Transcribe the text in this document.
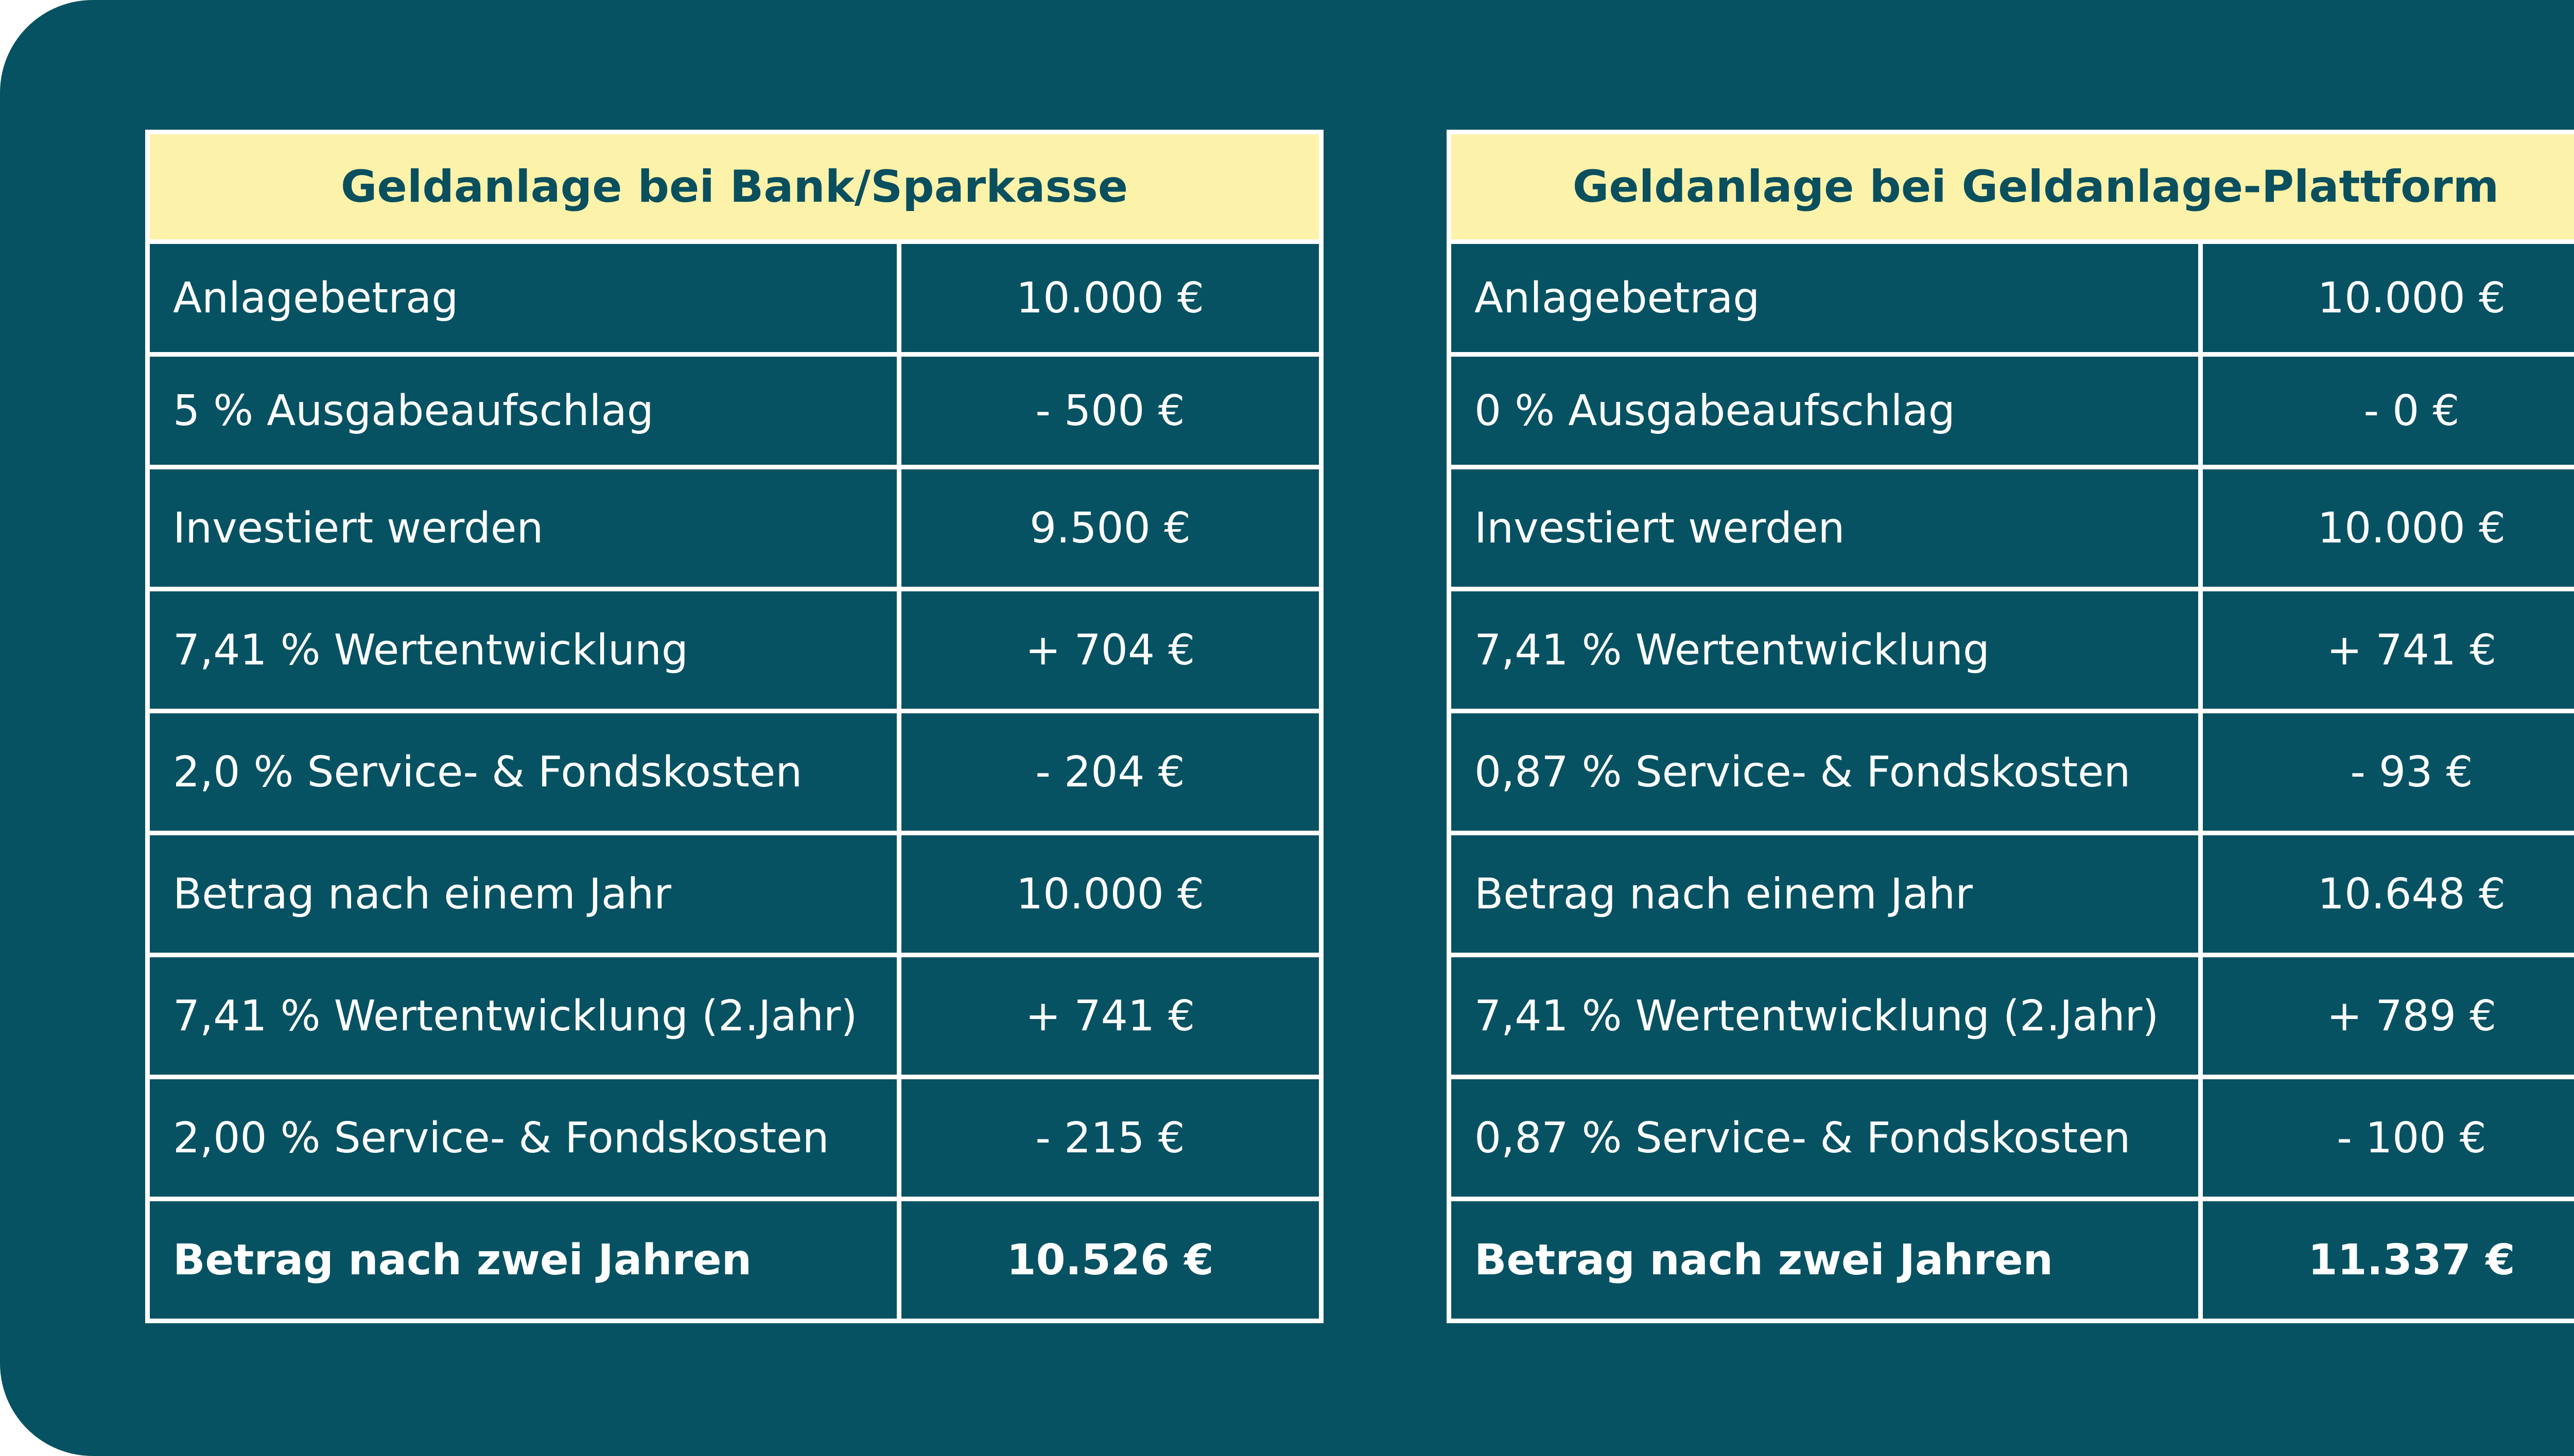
Geldanlage bei Bank/Sparkasse	
Anlagebetrag	10.000 €
5 % Ausgabeaufschlag	- 500 €
Investiert werden	9.500 €
7,41 % Wertentwicklung	+ 704 €
2,0 % Service- & Fondskosten	- 204 €
Betrag nach einem Jahr	10.000 €
7,41 % Wertentwicklung (2.Jahr)	+ 741 €
2,00 % Service- & Fondskosten	- 215 €
Betrag nach zwei Jahren	10.526 €
Geldanlage bei Geldanlage-Plattform	
Anlagebetrag	10.000 €
0 % Ausgabeaufschlag	- 0 €
Investiert werden	10.000 €
7,41 % Wertentwicklung	+ 741 €
0,87 % Service- & Fondskosten	- 93 €
Betrag nach einem Jahr	10.648 €
7,41 % Wertentwicklung (2.Jahr)	+ 789 €
0,87 % Service- & Fondskosten	- 100 €
Betrag nach zwei Jahren	11.337 €
